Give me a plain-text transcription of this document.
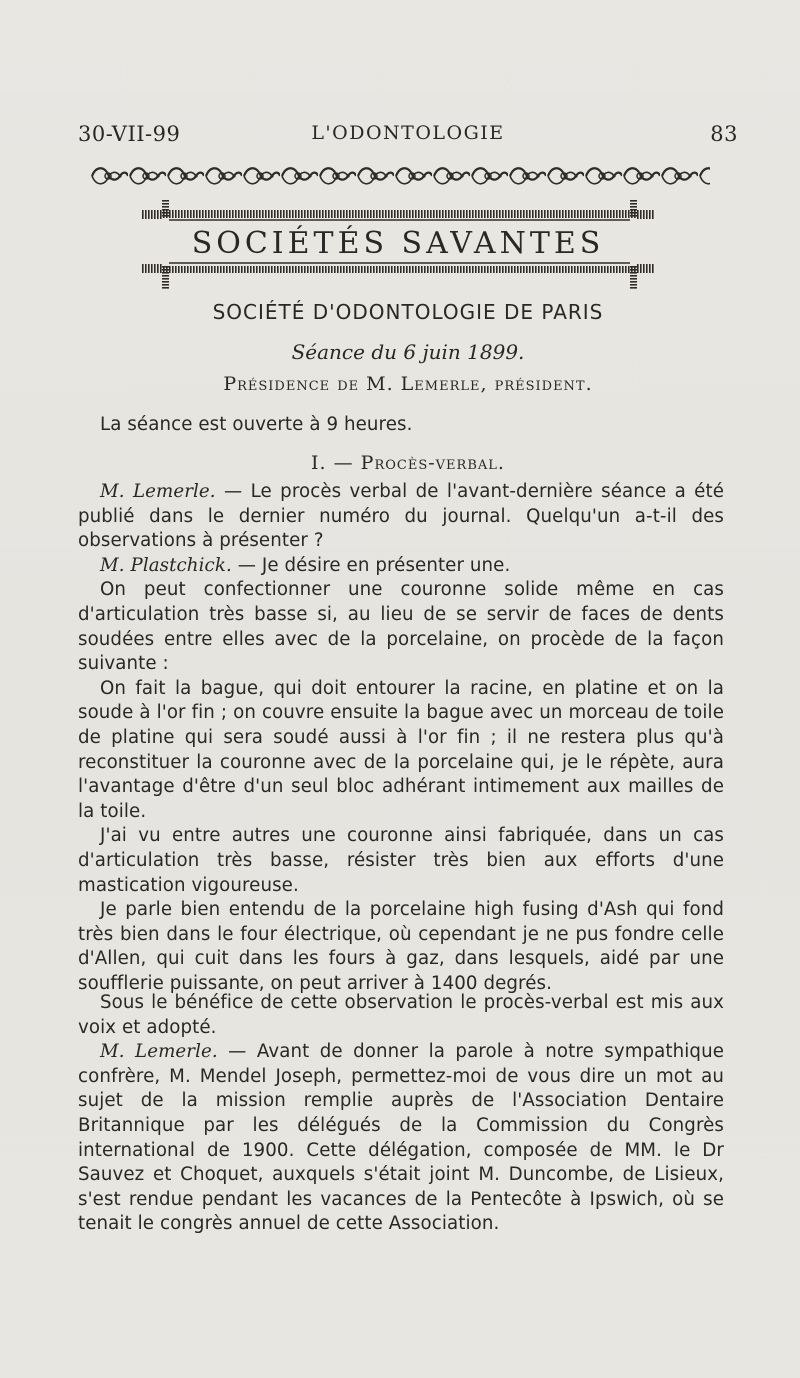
30-VII-99	L'ODONTOLOGIE	83
SOCIÉTÉS SAVANTES
SOCIÉTÉ D'ODONTOLOGIE DE PARIS
Séance du 6 juin 1899.
Présidence de M. Lemerle, président.

La séance est ouverte à 9 heures.

I. — Procès-verbal.

M. Lemerle. — Le procès verbal de l'avant-dernière séance a été publié dans le dernier numéro du journal. Quelqu'un a-t-il des observations à présenter ?

M. Plastchick. — Je désire en présenter une.

On peut confectionner une couronne solide même en cas d'articulation très basse si, au lieu de se servir de faces de dents soudées entre elles avec de la porcelaine, on procède de la façon suivante :

On fait la bague, qui doit entourer la racine, en platine et on la soude à l'or fin ; on couvre ensuite la bague avec un morceau de toile de platine qui sera soudé aussi à l'or fin ; il ne restera plus qu'à reconstituer la couronne avec de la porcelaine qui, je le répète, aura l'avantage d'être d'un seul bloc adhérant intimement aux mailles de la toile.

J'ai vu entre autres une couronne ainsi fabriquée, dans un cas d'articulation très basse, résister très bien aux efforts d'une mastication vigoureuse.

Je parle bien entendu de la porcelaine high fusing d'Ash qui fond très bien dans le four électrique, où cependant je ne pus fondre celle d'Allen, qui cuit dans les fours à gaz, dans lesquels, aidé par une soufflerie puissante, on peut arriver à 1400 degrés.

Sous le bénéfice de cette observation le procès-verbal est mis aux voix et adopté.

M. Lemerle. — Avant de donner la parole à notre sympathique confrère, M. Mendel Joseph, permettez-moi de vous dire un mot au sujet de la mission remplie auprès de l'Association Dentaire Britannique par les délégués de la Commission du Congrès international de 1900. Cette délégation, composée de MM. le Dr Sauvez et Choquet, auxquels s'était joint M. Duncombe, de Lisieux, s'est rendue pendant les vacances de la Pentecôte à Ipswich, où se tenait le congrès annuel de cette Association.
